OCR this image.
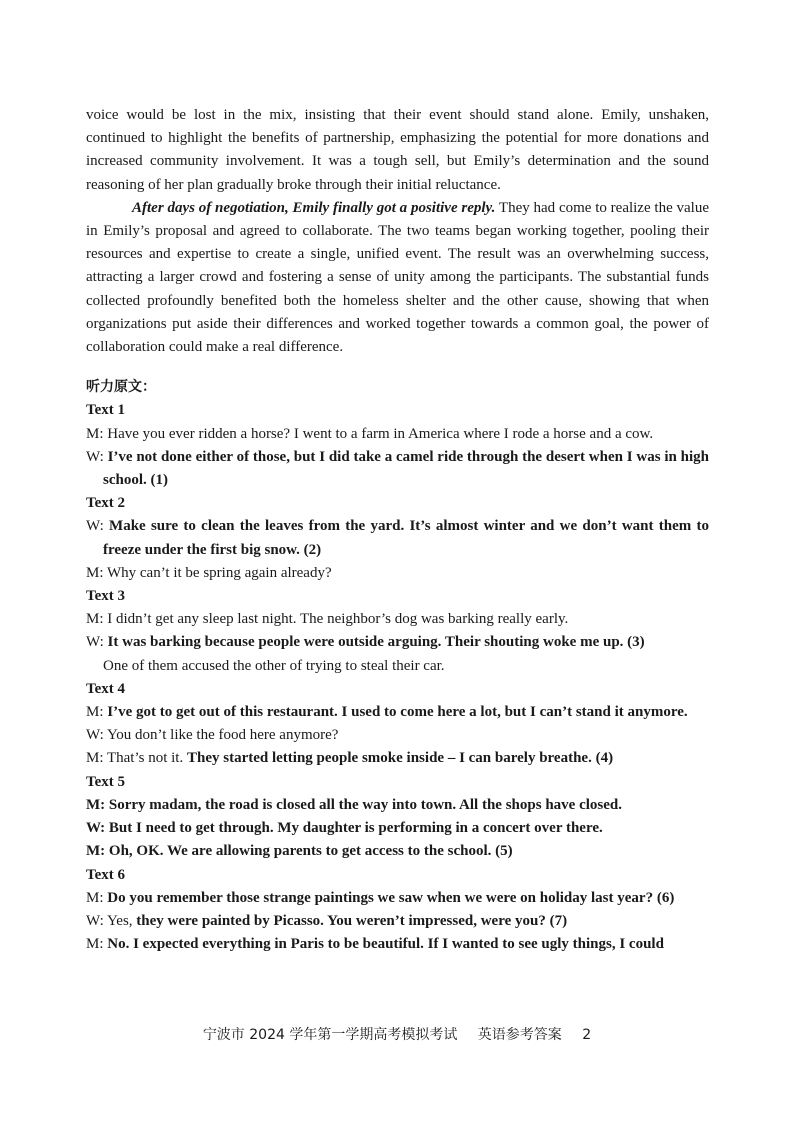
voice would be lost in the mix, insisting that their event should stand alone. Emily, unshaken, continued to highlight the benefits of partnership, emphasizing the potential for more donations and increased community involvement. It was a tough sell, but Emily’s determination and the sound reasoning of her plan gradually broke through their initial reluctance.

After days of negotiation, Emily finally got a positive reply. They had come to realize the value in Emily’s proposal and agreed to collaborate. The two teams began working together, pooling their resources and expertise to create a single, unified event. The result was an overwhelming success, attracting a larger crowd and fostering a sense of unity among the participants. The substantial funds collected profoundly benefited both the homeless shelter and the other cause, showing that when organizations put aside their differences and worked together towards a common goal, the power of collaboration could make a real difference.

听力原文：
Text 1

M: Have you ever ridden a horse? I went to a farm in America where I rode a horse and a cow.

W: I’ve not done either of those, but I did take a camel ride through the desert when I was in high school. (1)

Text 2

W: Make sure to clean the leaves from the yard. It’s almost winter and we don’t want them to freeze under the first big snow. (2)

M: Why can’t it be spring again already?

Text 3

M: I didn’t get any sleep last night. The neighbor’s dog was barking really early.

W: It was barking because people were outside arguing. Their shouting woke me up. (3)

One of them accused the other of trying to steal their car.

Text 4

M: I’ve got to get out of this restaurant. I used to come here a lot, but I can’t stand it anymore.

W: You don’t like the food here anymore?

M: That’s not it. They started letting people smoke inside – I can barely breathe. (4)

Text 5

M: Sorry madam, the road is closed all the way into town. All the shops have closed.

W: But I need to get through. My daughter is performing in a concert over there.

M: Oh, OK. We are allowing parents to get access to the school. (5)

Text 6

M: Do you remember those strange paintings we saw when we were on holiday last year? (6)

W: Yes, they were painted by Picasso. You weren’t impressed, were you? (7)

M: No. I expected everything in Paris to be beautiful. If I wanted to see ugly things, I could

宁波市 2024 学年第一学期高考模拟考试 英语参考答案 2
